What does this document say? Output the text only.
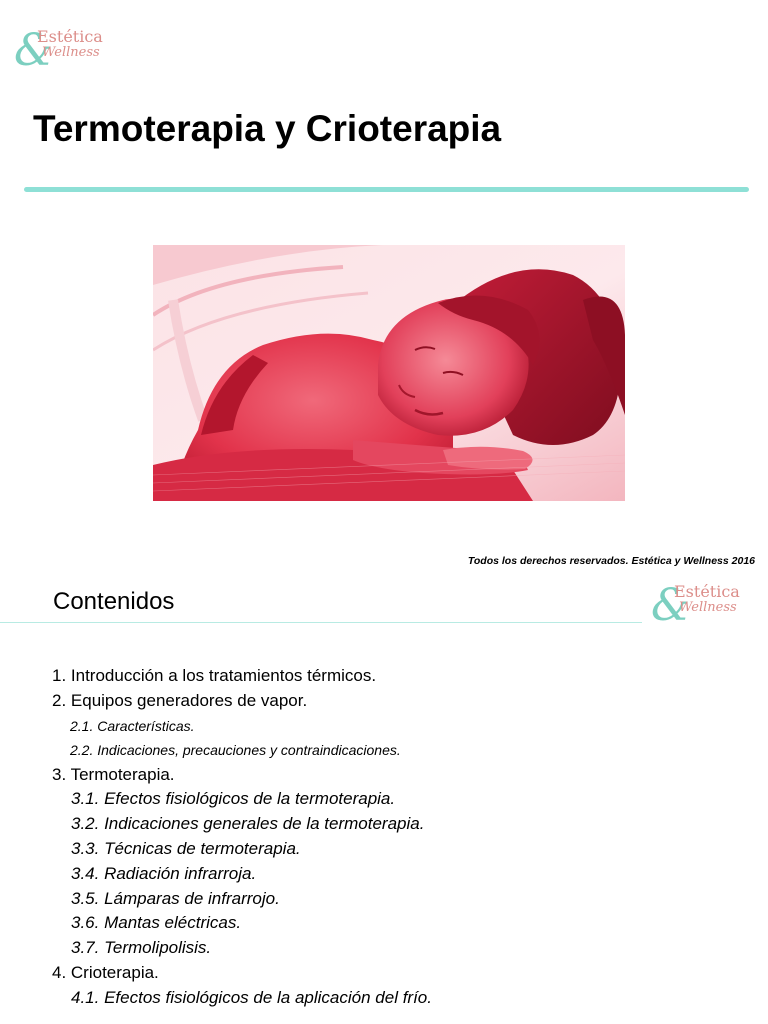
&
Estética
Wellness
Termoterapia y Crioterapia
Todos los derechos reservados. Estética y Wellness 2016
Contenidos	&
Estética
Wellness
1. Introducción a los tratamientos térmicos.
2. Equipos generadores de vapor.
2.1. Características.
2.2. Indicaciones, precauciones y contraindicaciones.
3. Termoterapia.
3.1. Efectos fisiológicos de la termoterapia.
3.2. Indicaciones generales de la termoterapia.
3.3. Técnicas de termoterapia.
3.4. Radiación infrarroja.
3.5. Lámparas de infrarrojo.
3.6. Mantas eléctricas.
3.7. Termolipolisis.
4. Crioterapia.
4.1. Efectos fisiológicos de la aplicación del frío.
